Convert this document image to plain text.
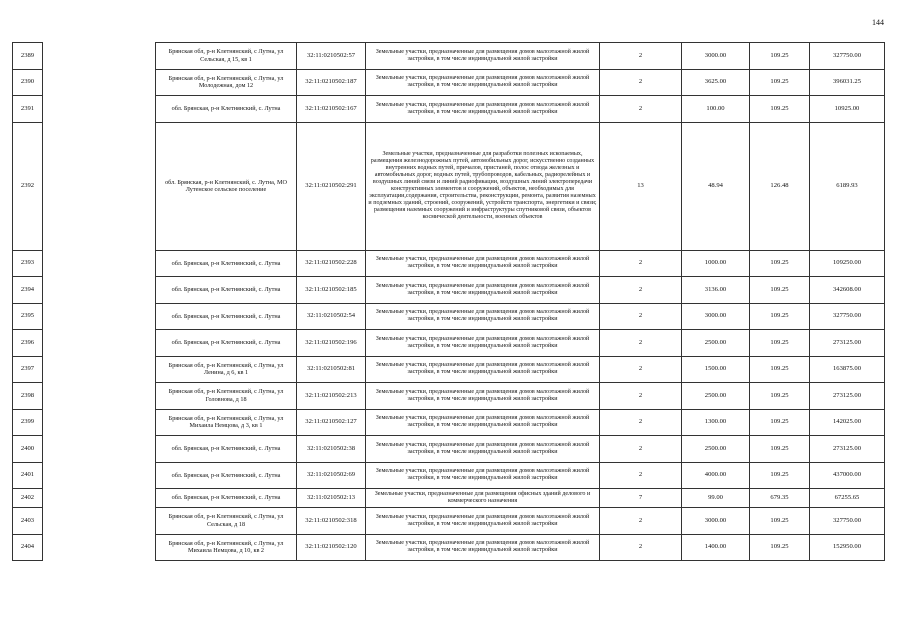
144
2389		Брянская обл, р-н Клетнянский, с Лутна, ул Сельская, д 15, кв 1	32:11:0210502:57	Земельные участки, предназначенные для размещения домов малоэтажной жилой застройки, в том числе индивидуальной жилой застройки	2	3000.00	109.25	327750.00
2390		Брянская обл, р-н Клетнянский, с Лутна, ул Молодежная, дом 12	32:11:0210502:187	Земельные участки, предназначенные для размещения домов малоэтажной жилой застройки, в том числе индивидуальной жилой застройки	2	3625.00	109.25	396031.25
2391		обл. Брянская, р-н Клетнянский, с. Лутна	32:11:0210502:167	Земельные участки, предназначенные для размещения домов малоэтажной жилой застройки, в том числе индивидуальной жилой застройки	2	100.00	109.25	10925.00
2392		обл. Брянская, р-н Клетнянский, с. Лутна, МО Лутенское сельское поселение	32:11:0210502:291	Земельные участки, предназначенные для разработки полезных ископаемых, размещения железнодорожных путей, автомобильных дорог, искусственно созданных внутренних водных путей, причалов, пристаней, полос отвода железных и автомобильных дорог, водных путей, трубопроводов, кабельных, радиорелейных и воздушных линий связи и линий радиофикации, воздушных линий электропередачи конструктивных элементов и сооружений, объектов, необходимых для эксплуатации,содержания, строительства, реконструкции, ремонта, развития наземных и подземных зданий, строений, сооружений, устройств транспорта, энергетики и связи; размещения наземных сооружений и инфраструктуры спутниковой связи, объектов космической деятельности, военных объектов	13	48.94	126.48	6189.93
2393		обл. Брянская, р-н Клетнянский, с. Лутна	32:11:0210502:228	Земельные участки, предназначенные для размещения домов малоэтажной жилой застройки, в том числе индивидуальной жилой застройки	2	1000.00	109.25	109250.00
2394		обл. Брянская, р-н Клетнянский, с. Лутна	32:11:0210502:185	Земельные участки, предназначенные для размещения домов малоэтажной жилой застройки, в том числе индивидуальной жилой застройки	2	3136.00	109.25	342608.00
2395		обл. Брянская, р-н Клетнянский, с. Лутна	32:11:0210502:54	Земельные участки, предназначенные для размещения домов малоэтажной жилой застройки, в том числе индивидуальной жилой застройки	2	3000.00	109.25	327750.00
2396		обл. Брянская, р-н Клетнянский, с. Лутна	32:11:0210502:196	Земельные участки, предназначенные для размещения домов малоэтажной жилой застройки, в том числе индивидуальной жилой застройки	2	2500.00	109.25	273125.00
2397		Брянская обл, р-н Клетнянский, с Лутна, ул Ленина, д 6, кв 1	32:11:0210502:81	Земельные участки, предназначенные для размещения домов малоэтажной жилой застройки, в том числе индивидуальной жилой застройки	2	1500.00	109.25	163875.00
2398		Брянская обл, р-н Клетнянский, с Лутна, ул Головнова, д 18	32:11:0210502:213	Земельные участки, предназначенные для размещения домов малоэтажной жилой застройки, в том числе индивидуальной жилой застройки	2	2500.00	109.25	273125.00
2399		Брянская обл, р-н Клетнянский, с Лутна, ул Михаила Немцова, д 3, кв 1	32:11:0210502:127	Земельные участки, предназначенные для размещения домов малоэтажной жилой застройки, в том числе индивидуальной жилой застройки	2	1300.00	109.25	142025.00
2400		обл. Брянская, р-н Клетнянский, с. Лутна	32:11:0210502:38	Земельные участки, предназначенные для размещения домов малоэтажной жилой застройки, в том числе индивидуальной жилой застройки	2	2500.00	109.25	273125.00
2401		обл. Брянская, р-н Клетнянский, с. Лутна	32:11:0210502:69	Земельные участки, предназначенные для размещения домов малоэтажной жилой застройки, в том числе индивидуальной жилой застройки	2	4000.00	109.25	437000.00
2402		обл. Брянская, р-н Клетнянский, с. Лутна	32:11:0210502:13	Земельные участки, предназначенные для размещения офисных зданий делового и коммерческого назначения	7	99.00	679.35	67255.65
2403		Брянская обл, р-н Клетнянский, с Лутна, ул Сельская, д 18	32:11:0210502:318	Земельные участки, предназначенные для размещения домов малоэтажной жилой застройки, в том числе индивидуальной жилой застройки	2	3000.00	109.25	327750.00
2404		Брянская обл, р-н Клетнянский, с Лутна, ул Михаила Немцова, д 10, кв 2	32:11:0210502:120	Земельные участки, предназначенные для размещения домов малоэтажной жилой застройки, в том числе индивидуальной жилой застройки	2	1400.00	109.25	152950.00
